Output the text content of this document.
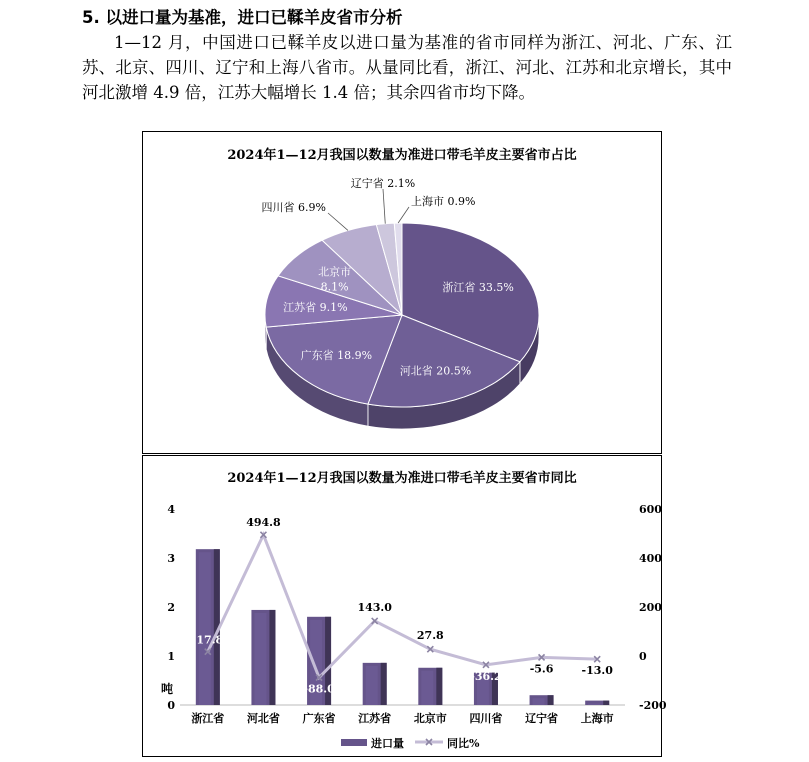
5. 以进口量为基准，进口已鞣羊皮省市分析

1—12 月，中国进口已鞣羊皮以进口量为基准的省市同样为浙江、河北、广东、江苏、北京、四川、辽宁和上海八省市。从量同比看，浙江、河北、江苏和北京增长，其中河北激增 4.9 倍，江苏大幅增长 1.4 倍；其余四省市均下降。

2024年1—12月我国以数量为准进口带毛羊皮主要省市占比
浙江省 33.5%
河北省 20.5%
广东省 18.9%
江苏省 9.1%
北京市
8.1%
四川省 6.9%
辽宁省 2.1%
上海市 0.9%
2024年1—12月我国以数量为准进口带毛羊皮主要省市同比
吨
0
1
2
3
4
-200
0
200
400
600
17.8
494.8
-88.0
143.0
27.8
-36.2
-5.6	-13.0
浙江省 河北省 广东省 江苏省 北京市 四川省 辽宁省 上海市
进口量	同比%
